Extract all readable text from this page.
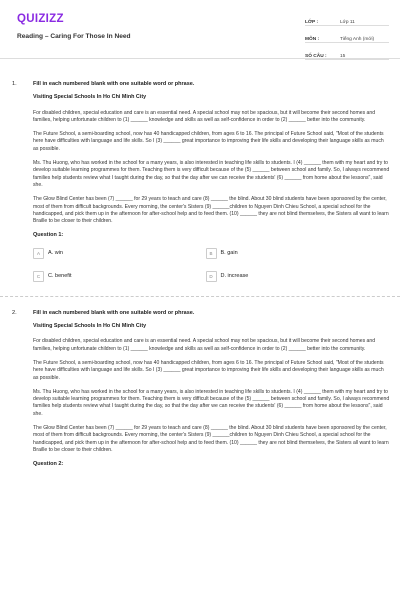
QUIZIZZ
Reading – Caring For Those In Need
LỚP :	Lớp 11
MÔN :	Tiếng Anh (mới)
SỐ CÂU :	15
1.	Fill in each numbered blank with one suitable word or phrase.
Visiting Special Schools In Ho Chi Minh City
For disabled children, special education and care is an essential need. A special school may not be spacious, but it will become their second homes and families, helping unfortunate children to (1) ______ knowledge and skills as well as self-confidence in order to (2) ______ better into the community.
The Future School, a semi-boarding school, now has 40 handicapped children, from ages 6 to 16. The principal of Future School said, "Most of the students here have difficulties with language and life skills. So I (3) ______ great importance to improving their life skills and developing their language skills as much as possible.
Ms. Thu Huong, who has worked in the school for a many years, is also interested in teaching life skills to students. I (4) ______ them with my heart and try to develop suitable learning programmes for them. Teaching them is very difficult because of the (5) ______ between school and family. So, I always recommend families help students review what I taught during the day, so that the day after we can receive the students' (6) ______ from home about the lessons", said she.
The Glow Blind Center has been (7) ______ for 29 years to teach and care (8) ______ the blind. About 30 blind students have been sponsored by the center, most of them from difficult backgrounds. Every morning, the center's Sisters (9) ______children to Nguyen Dinh Chieu School, a special school for the handicapped, and pick them up in the afternoon for after-school help and to feed them. (10) ______ they are not blind themselves, the Sisters all want to learn Braille to be closer to their children.
Question 1:
A	A. win	B	B. gain
C	C. benefit	D	D. increase
2.	Fill in each numbered blank with one suitable word or phrase.
Visiting Special Schools In Ho Chi Minh City
For disabled children, special education and care is an essential need. A special school may not be spacious, but it will become their second homes and families, helping unfortunate children to (1) ______ knowledge and skills as well as self-confidence in order to (2) ______ better into the community.
The Future School, a semi-boarding school, now has 40 handicapped children, from ages 6 to 16. The principal of Future School said, "Most of the students here have difficulties with language and life skills. So I (3) ______ great importance to improving their life skills and developing their language skills as much as possible.
Ms. Thu Huong, who has worked in the school for a many years, is also interested in teaching life skills to students. I (4) ______ them with my heart and try to develop suitable learning programmes for them. Teaching them is very difficult because of the (5) ______ between school and family. So, I always recommend families help students review what I taught during the day, so that the day after we can receive the students' (6) ______ from home about the lessons", said she.
The Glow Blind Center has been (7) ______ for 29 years to teach and care (8) ______ the blind. About 30 blind students have been sponsored by the center, most of them from difficult backgrounds. Every morning, the center's Sisters (9) ______children to Nguyen Dinh Chieu School, a special school for the handicapped, and pick them up in the afternoon for after-school help and to feed them. (10) ______ they are not blind themselves, the Sisters all want to learn Braille to be closer to their children.
Question 2:
